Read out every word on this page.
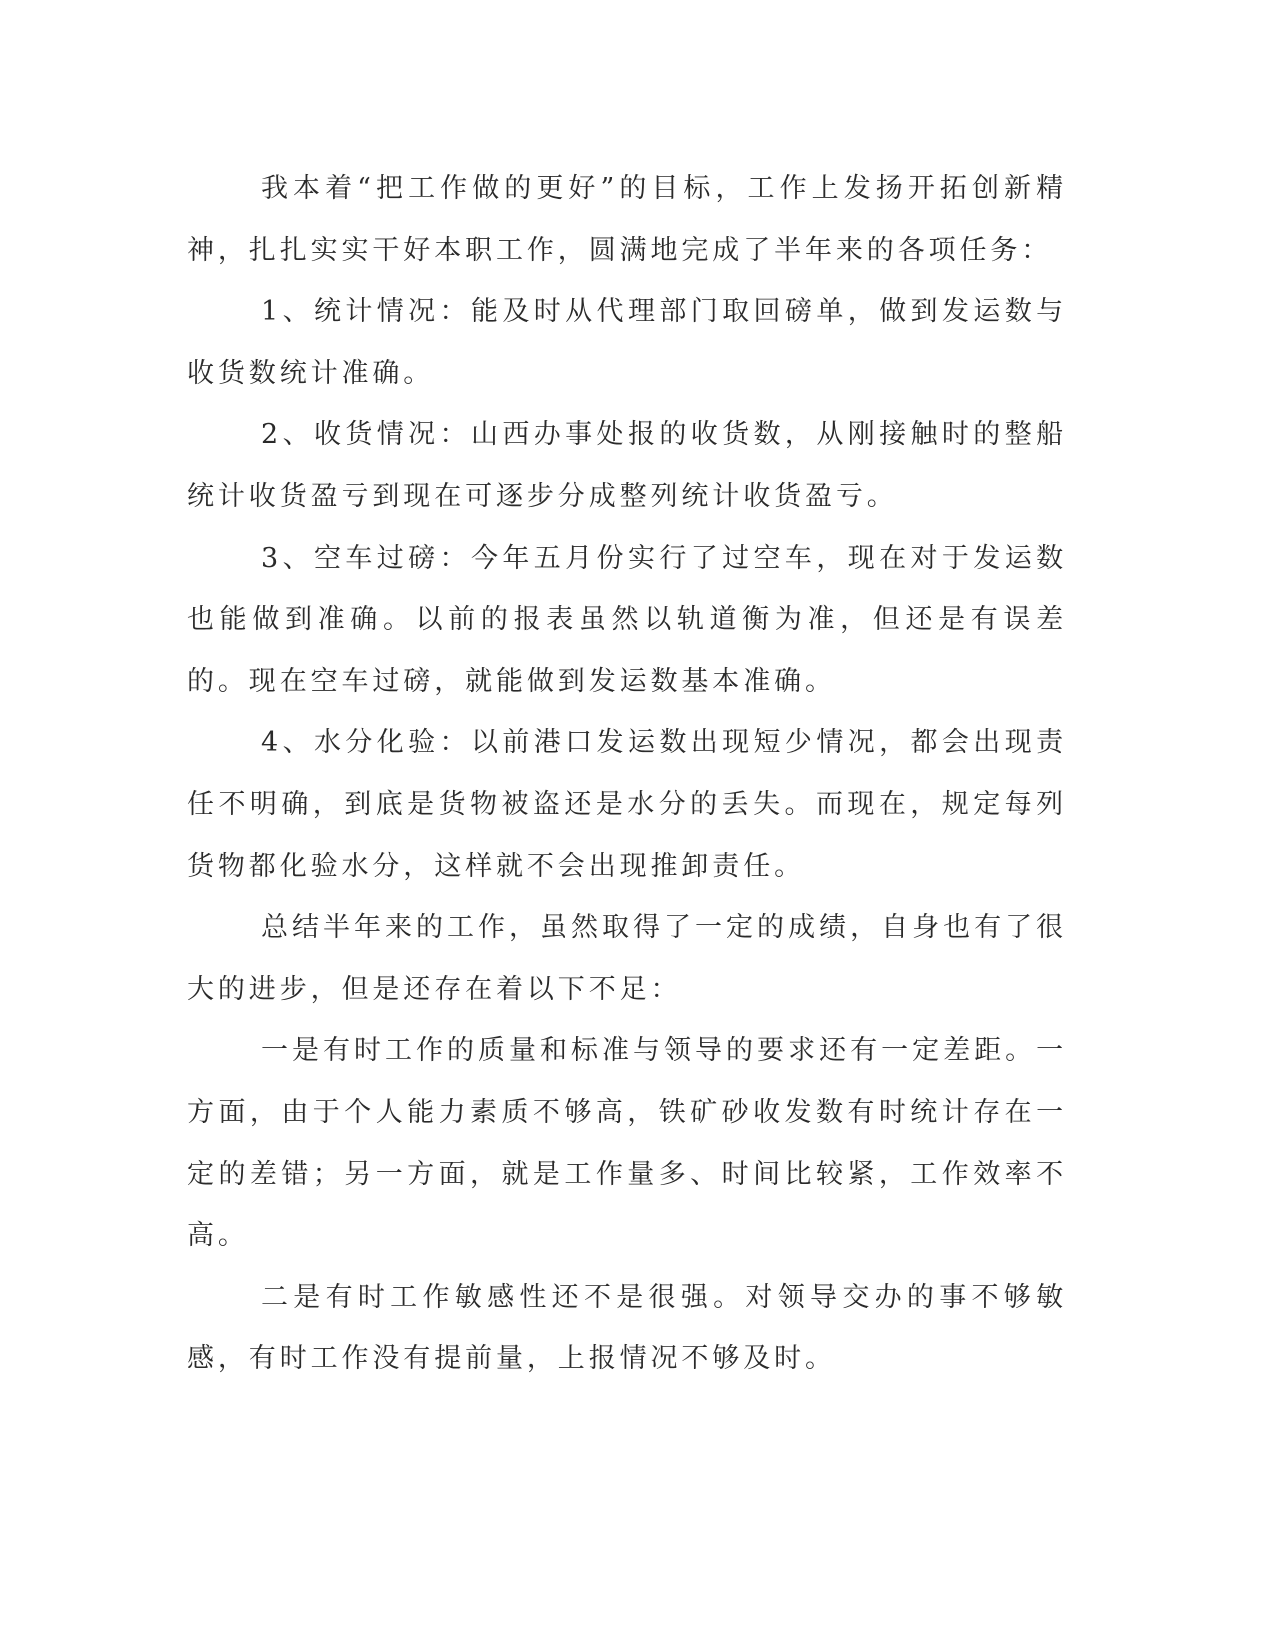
我本着“把工作做的更好”的目标，工作上发扬开拓创新精神，扎扎实实干好本职工作，圆满地完成了半年来的各项任务：

1、统计情况：能及时从代理部门取回磅单，做到发运数与收货数统计准确。

2、收货情况：山西办事处报的收货数，从刚接触时的整船统计收货盈亏到现在可逐步分成整列统计收货盈亏。

3、空车过磅：今年五月份实行了过空车，现在对于发运数也能做到准确。以前的报表虽然以轨道衡为准，但还是有误差的。现在空车过磅，就能做到发运数基本准确。

4、水分化验：以前港口发运数出现短少情况，都会出现责任不明确，到底是货物被盗还是水分的丢失。而现在，规定每列货物都化验水分，这样就不会出现推卸责任。

总结半年来的工作，虽然取得了一定的成绩，自身也有了很大的进步，但是还存在着以下不足：

一是有时工作的质量和标准与领导的要求还有一定差距。一方面，由于个人能力素质不够高，铁矿砂收发数有时统计存在一定的差错；另一方面，就是工作量多、时间比较紧，工作效率不高。

二是有时工作敏感性还不是很强。对领导交办的事不够敏感，有时工作没有提前量，上报情况不够及时。
